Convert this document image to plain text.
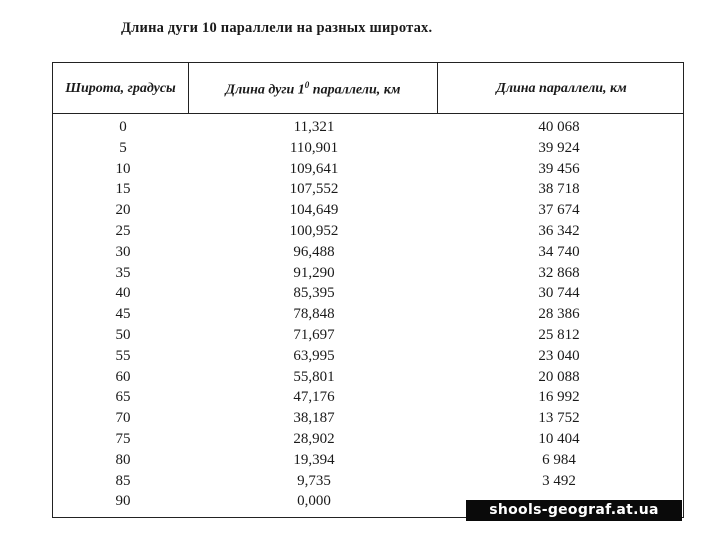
Длина дуги 10 параллели на разных широтах.
Широта, градусы	Длина дуги $1^0$ параллели, км	Длина параллели, км
0	11,321	40 068
5	110,901	39 924
10	109,641	39 456
15	107,552	38 718
20	104,649	37 674
25	100,952	36 342
30	96,488	34 740
35	91,290	32 868
40	85,395	30 744
45	78,848	28 386
50	71,697	25 812
55	63,995	23 040
60	55,801	20 088
65	47,176	16 992
70	38,187	13 752
75	28,902	10 404
80	19,394	6 984
85	9,735	3 492
90	0,000
shools-geograf.at.ua
